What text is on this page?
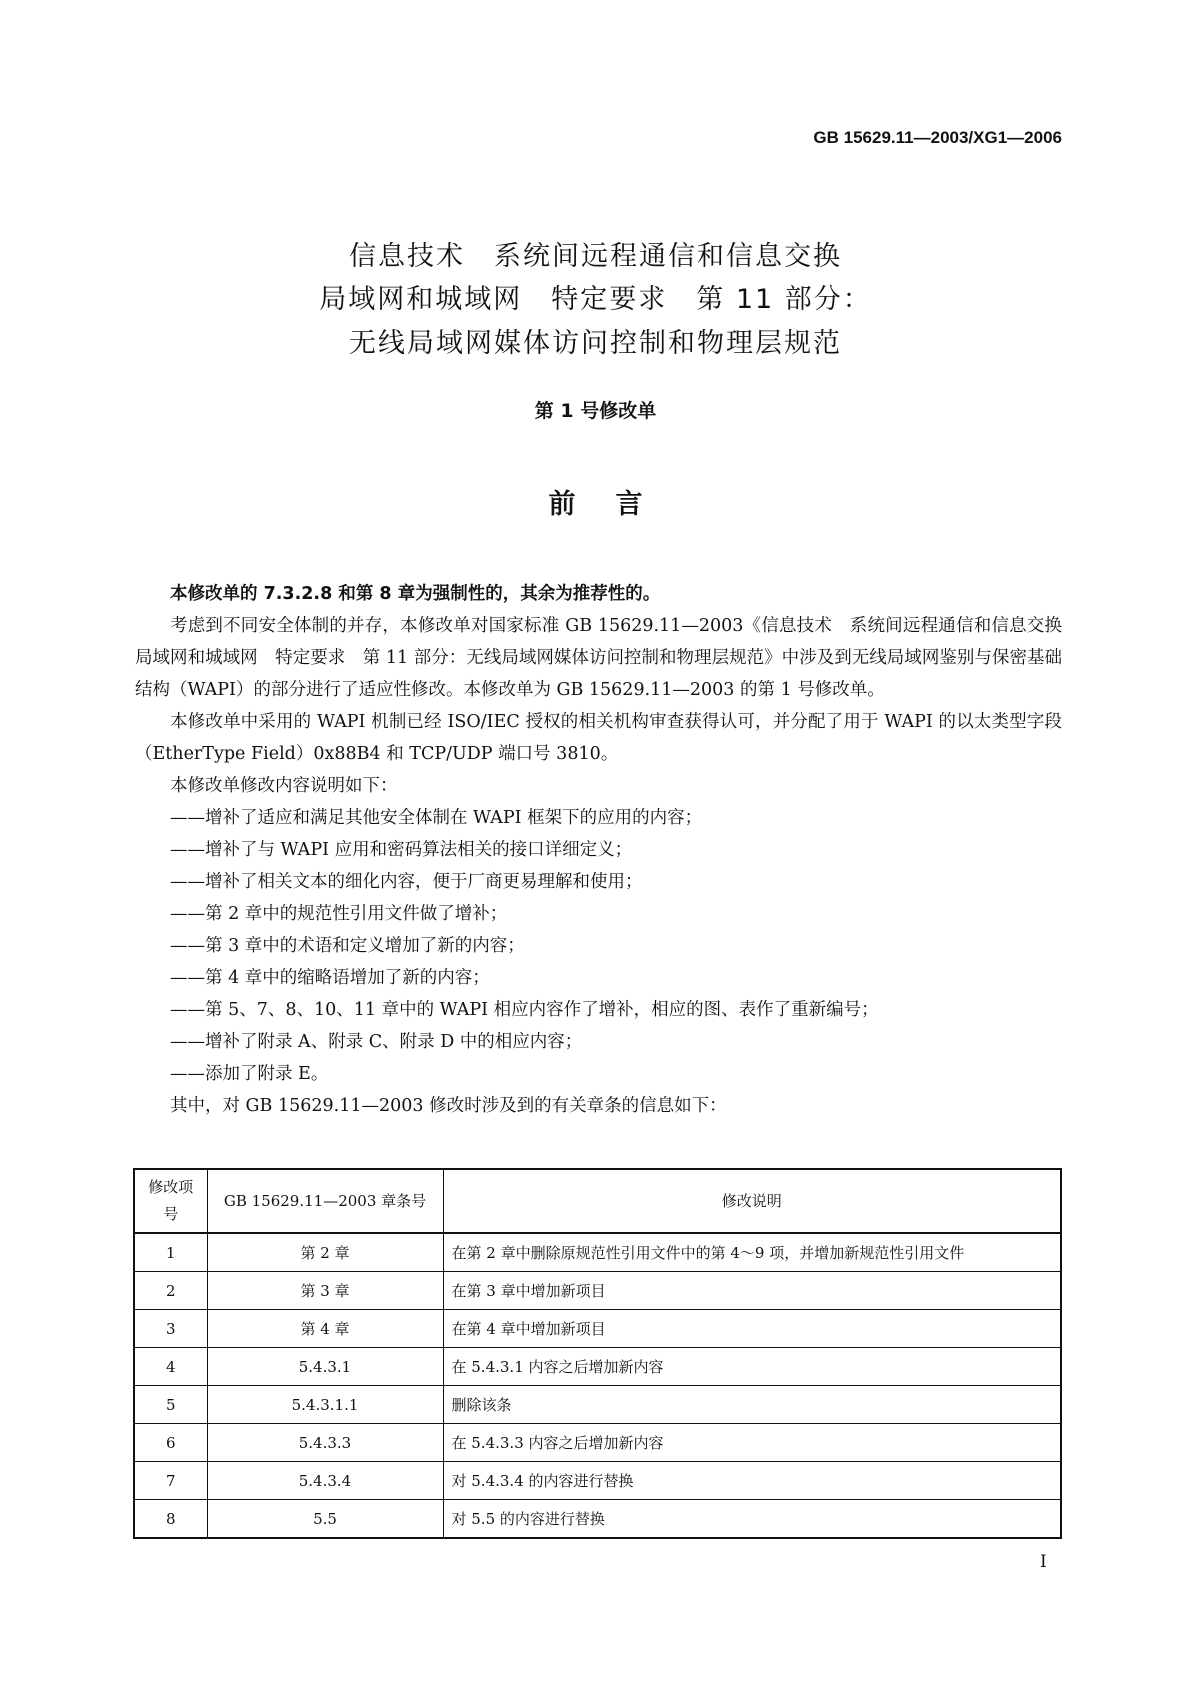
GB 15629.11—2003/XG1—2006
信息技术　系统间远程通信和信息交换
局域网和城域网　特定要求　第 11 部分：
无线局域网媒体访问控制和物理层规范
第 1 号修改单
前言

本修改单的 7.3.2.8 和第 8 章为强制性的，其余为推荐性的。

考虑到不同安全体制的并存，本修改单对国家标准 GB 15629.11—2003《信息技术　系统间远程通信和信息交换　局域网和城域网　特定要求　第 11 部分：无线局域网媒体访问控制和物理层规范》中涉及到无线局域网鉴别与保密基础结构（WAPI）的部分进行了适应性修改。本修改单为 GB 15629.11—2003 的第 1 号修改单。

本修改单中采用的 WAPI 机制已经 ISO/IEC 授权的相关机构审查获得认可，并分配了用于 WAPI 的以太类型字段（EtherType Field）0x88B4 和 TCP/UDP 端口号 3810。

本修改单修改内容说明如下：

——增补了适应和满足其他安全体制在 WAPI 框架下的应用的内容；

——增补了与 WAPI 应用和密码算法相关的接口详细定义；

——增补了相关文本的细化内容，便于厂商更易理解和使用；

——第 2 章中的规范性引用文件做了增补；

——第 3 章中的术语和定义增加了新的内容；

——第 4 章中的缩略语增加了新的内容；

——第 5、7、8、10、11 章中的 WAPI 相应内容作了增补，相应的图、表作了重新编号；

——增补了附录 A、附录 C、附录 D 中的相应内容；

——添加了附录 E。

其中，对 GB 15629.11—2003 修改时涉及到的有关章条的信息如下：

修改项号	GB 15629.11—2003 章条号	修改说明
1	第 2 章	在第 2 章中删除原规范性引用文件中的第 4～9 项，并增加新规范性引用文件
2	第 3 章	在第 3 章中增加新项目
3	第 4 章	在第 4 章中增加新项目
4	5.4.3.1	在 5.4.3.1 内容之后增加新内容
5	5.4.3.1.1	删除该条
6	5.4.3.3	在 5.4.3.3 内容之后增加新内容
7	5.4.3.4	对 5.4.3.4 的内容进行替换
8	5.5	对 5.5 的内容进行替换
I
